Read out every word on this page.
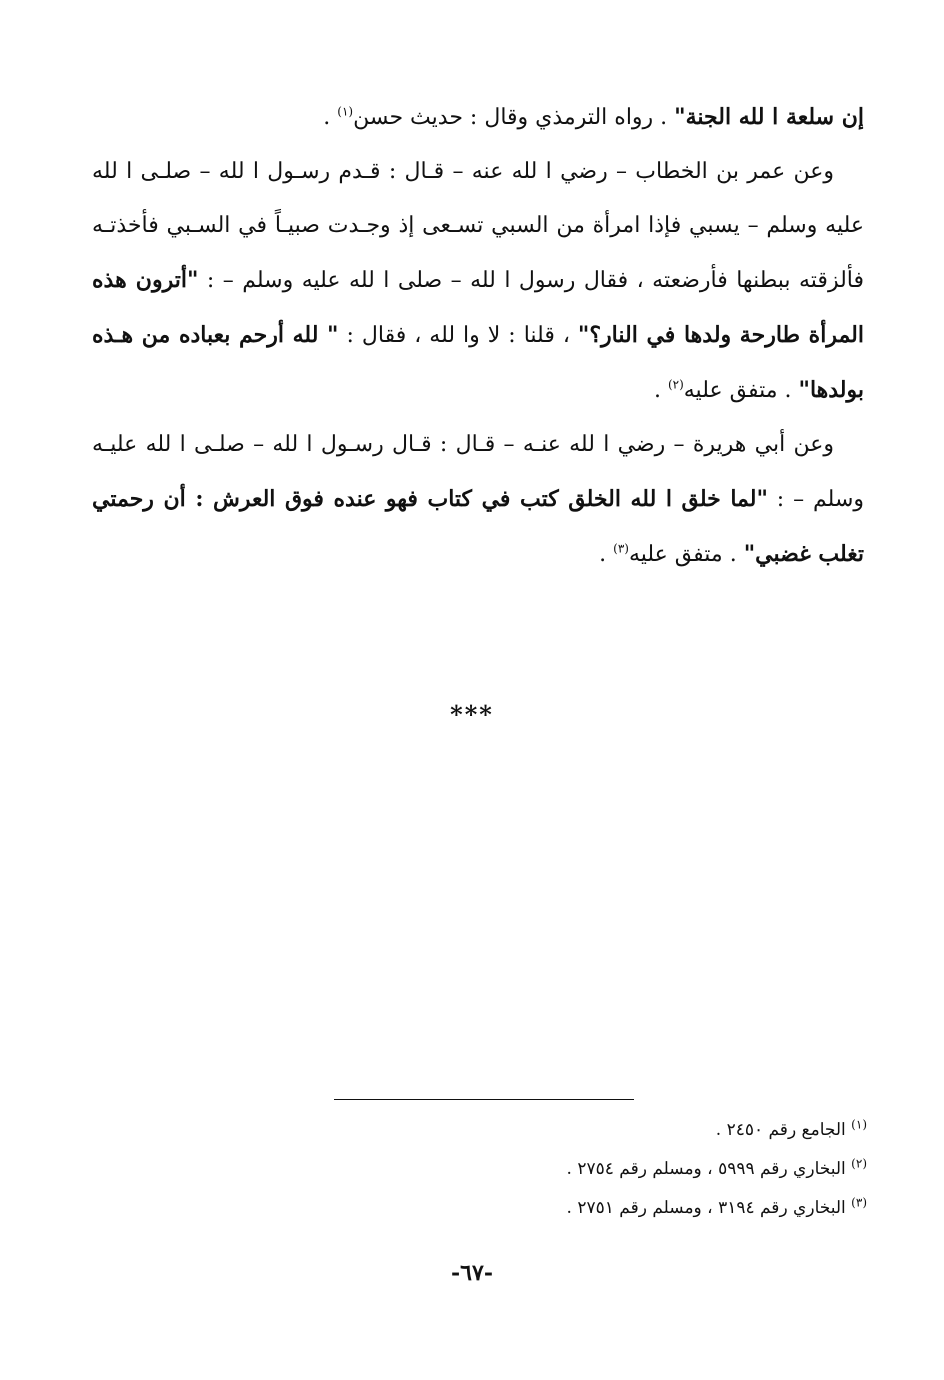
إن سلعة ا لله الجنة" . رواه الترمذي وقال : حديث حسن$^{(١)}$ .

وعن عمر بن الخطاب – رضي ا لله عنه – قـال : قـدم رسـول ا لله – صلـى ا لله عليه وسلم – يسبي فإذا امرأة من السبي تسـعى إذ وجـدت صبيـاً في السـبي فأخذتـه فألزقته ببطنها فأرضعته ، فقال رسول ا لله – صلى ا لله عليه وسلم – : "أترون هذه المرأة طارحة ولدها في النار؟" ، قلنا : لا وا لله ، فقال : " لله أرحم بعباده من هـذه بولدها" . متفق عليه$^{(٢)}$ .

وعن أبي هريرة – رضي ا لله عنـه – قـال : قـال رسـول ا لله – صلـى ا لله عليـه وسلم – : "لما خلق ا لله الخلق كتب في كتاب فهو عنده فوق العرش : أن رحمتي تغلب غضبي" . متفق عليه$^{(٣)}$ .

***

$^{(١)}$ الجامع رقم ٢٤٥٠ .

$^{(٢)}$ البخاري رقم ٥٩٩٩ ، ومسلم رقم ٢٧٥٤ .

$^{(٣)}$ البخاري رقم ٣١٩٤ ، ومسلم رقم ٢٧٥١ .

-٦٧-
